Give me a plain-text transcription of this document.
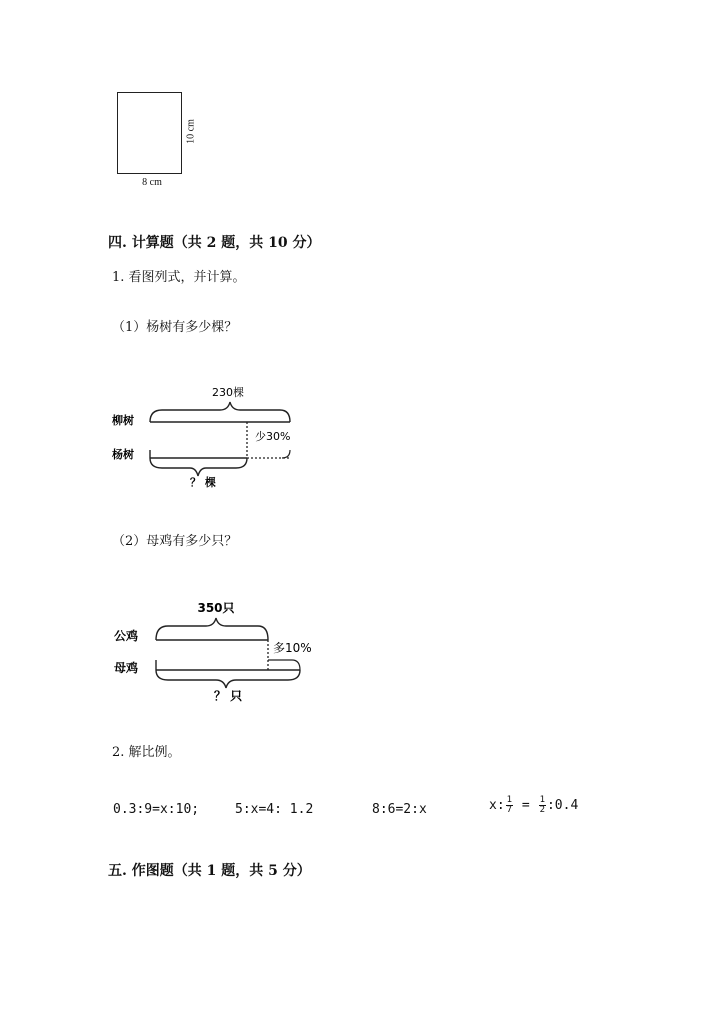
10 cm
8 cm
四. 计算题（共 2 题，共 10 分）
1. 看图列式，并计算。
（1）杨树有多少棵？
230棵
柳树
杨树
少30%
？ 棵
（2）母鸡有多少只？
350只
公鸡
母鸡
多10%
？ 只
2. 解比例。
0.3:9=x:10;	5:x=4: 1.2	8:6=2:x	x: $\frac{1}{7} = \frac{1}{2}$ :0.4
五. 作图题（共 1 题，共 5 分）
